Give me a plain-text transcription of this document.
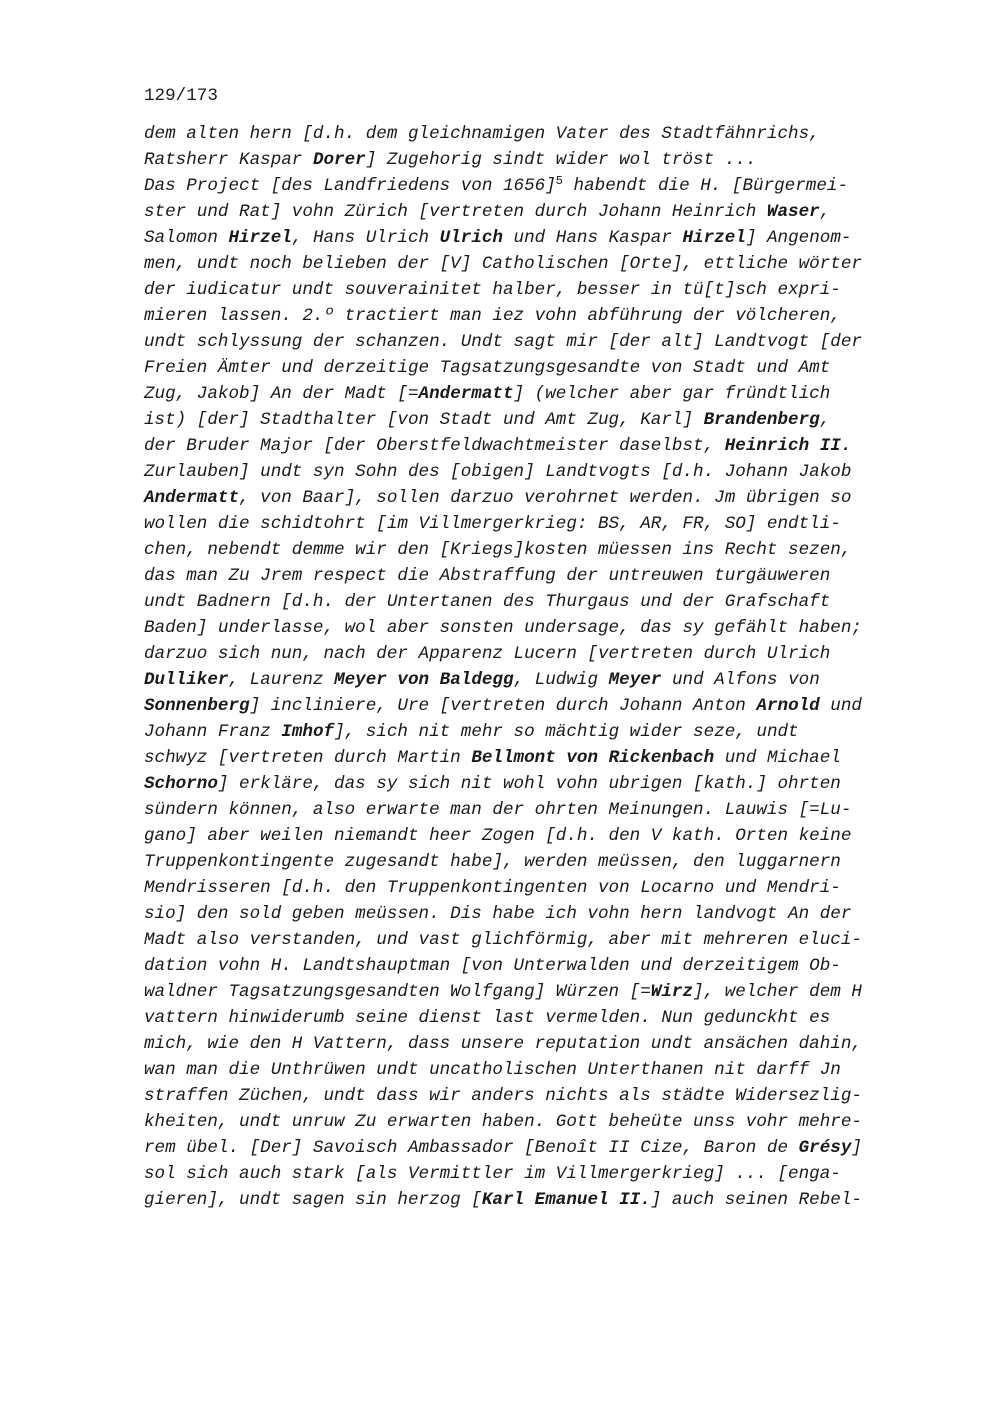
129/173
dem alten hern [d.h. dem gleichnamigen Vater des Stadtfähnrichs,
Ratsherr Kaspar Dorer] Zugehorig sindt wider wol tröst ...
Das Project [des Landfriedens von 1656]$^5$ habendt die H. [Bürgermei-
ster und Rat] vohn Zürich [vertreten durch Johann Heinrich Waser,
Salomon Hirzel, Hans Ulrich Ulrich und Hans Kaspar Hirzel] Angenom-
men, undt noch belieben der [V] Catholischen [Orte], ettliche wörter
der iudicatur undt souverainitet halber, besser in tü[t]sch expri-
mieren lassen. 2.º tractiert man iez vohn abführung der völcheren,
undt schlyssung der schanzen. Undt sagt mir [der alt] Landtvogt [der
Freien Ämter und derzeitige Tagsatzungsgesandte von Stadt und Amt
Zug, Jakob] An der Madt [=Andermatt] (welcher aber gar fründtlich
ist) [der] Stadthalter [von Stadt und Amt Zug, Karl] Brandenberg,
der Bruder Major [der Oberstfeldwachtmeister daselbst, Heinrich II.
Zurlauben] undt syn Sohn des [obigen] Landtvogts [d.h. Johann Jakob
Andermatt, von Baar], sollen darzuo verohrnet werden. Jm übrigen so
wollen die schidtohrt [im Villmergerkrieg: BS, AR, FR, SO] endtli-
chen, nebendt demme wir den [Kriegs]kosten müessen ins Recht sezen,
das man Zu Jrem respect die Abstraffung der untreuwen turgäuweren
undt Badnern [d.h. der Untertanen des Thurgaus und der Grafschaft
Baden] underlasse, wol aber sonsten undersage, das sy gefählt haben;
darzuo sich nun, nach der Apparenz Lucern [vertreten durch Ulrich
Dulliker, Laurenz Meyer von Baldegg, Ludwig Meyer und Alfons von
Sonnenberg] incliniere, Ure [vertreten durch Johann Anton Arnold und
Johann Franz Imhof], sich nit mehr so mächtig wider seze, undt
schwyz [vertreten durch Martin Bellmont von Rickenbach und Michael
Schorno] erkläre, das sy sich nit wohl vohn ubrigen [kath.] ohrten
sündern können, also erwarte man der ohrten Meinungen. Lauwis [=Lu-
gano] aber weilen niemandt heer Zogen [d.h. den V kath. Orten keine
Truppenkontingente zugesandt habe], werden meüssen, den luggarnern
Mendrisseren [d.h. den Truppenkontingenten von Locarno und Mendri-
sio] den sold geben meüssen. Dis habe ich vohn hern landvogt An der
Madt also verstanden, und vast glichförmig, aber mit mehreren eluci-
dation vohn H. Landtshauptman [von Unterwalden und derzeitigem Ob-
waldner Tagsatzungsgesandten Wolfgang] Würzen [=Wirz], welcher dem H
vattern hinwiderumb seine dienst last vermelden. Nun gedunckht es
mich, wie den H Vattern, dass unsere reputation undt ansächen dahin,
wan man die Unthrüwen undt uncatholischen Unterthanen nit darff Jn
straffen Züchen, undt dass wir anders nichts als städte Widersezlig-
kheiten, undt unruw Zu erwarten haben. Gott beheüte unss vohr mehre-
rem übel. [Der] Savoisch Ambassador [Benoît II Cize, Baron de Grésy]
sol sich auch stark [als Vermittler im Villmergerkrieg] ... [enga-
gieren], undt sagen sin herzog [Karl Emanuel II.] auch seinen Rebel-
